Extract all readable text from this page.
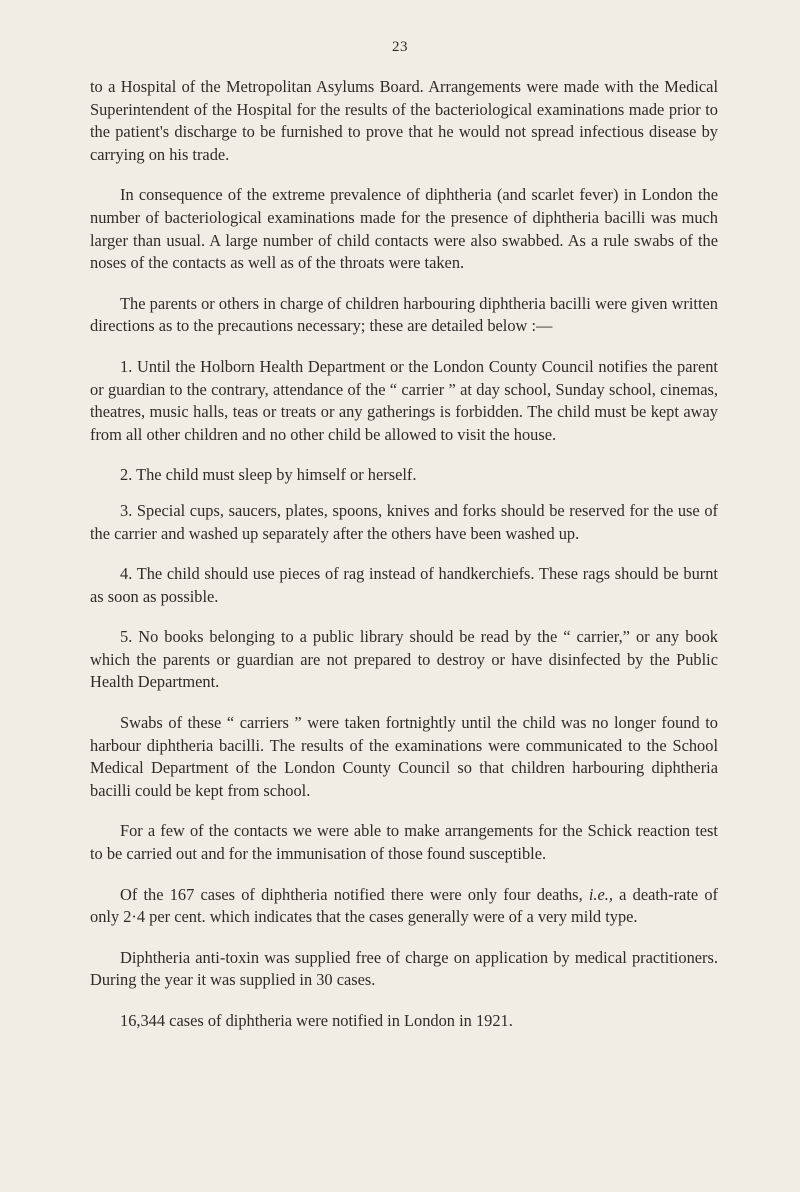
23

to a Hospital of the Metropolitan Asylums Board. Arrangements were made with the Medical Superintendent of the Hospital for the results of the bacteriological examinations made prior to the patient's discharge to be furnished to prove that he would not spread infectious disease by carrying on his trade.

In consequence of the extreme prevalence of diphtheria (and scarlet fever) in London the number of bacteriological examinations made for the presence of diphtheria bacilli was much larger than usual. A large number of child contacts were also swabbed. As a rule swabs of the noses of the contacts as well as of the throats were taken.

The parents or others in charge of children harbouring diphtheria bacilli were given written directions as to the precautions necessary; these are detailed below :—

1. Until the Holborn Health Department or the London County Council notifies the parent or guardian to the contrary, attendance of the “ carrier ” at day school, Sunday school, cinemas, theatres, music halls, teas or treats or any gatherings is forbidden. The child must be kept away from all other children and no other child be allowed to visit the house.

2. The child must sleep by himself or herself.

3. Special cups, saucers, plates, spoons, knives and forks should be reserved for the use of the carrier and washed up separately after the others have been washed up.

4. The child should use pieces of rag instead of handkerchiefs. These rags should be burnt as soon as possible.

5. No books belonging to a public library should be read by the “ carrier,” or any book which the parents or guardian are not prepared to destroy or have disinfected by the Public Health Department.

Swabs of these “ carriers ” were taken fortnightly until the child was no longer found to harbour diphtheria bacilli. The results of the examinations were communicated to the School Medical Department of the London County Council so that children harbouring diphtheria bacilli could be kept from school.

For a few of the contacts we were able to make arrangements for the Schick reaction test to be carried out and for the immunisation of those found susceptible.

Of the 167 cases of diphtheria notified there were only four deaths, i.e., a death-rate of only 2·4 per cent. which indicates that the cases generally were of a very mild type.

Diphtheria anti-toxin was supplied free of charge on application by medical practitioners. During the year it was supplied in 30 cases.

16,344 cases of diphtheria were notified in London in 1921.
